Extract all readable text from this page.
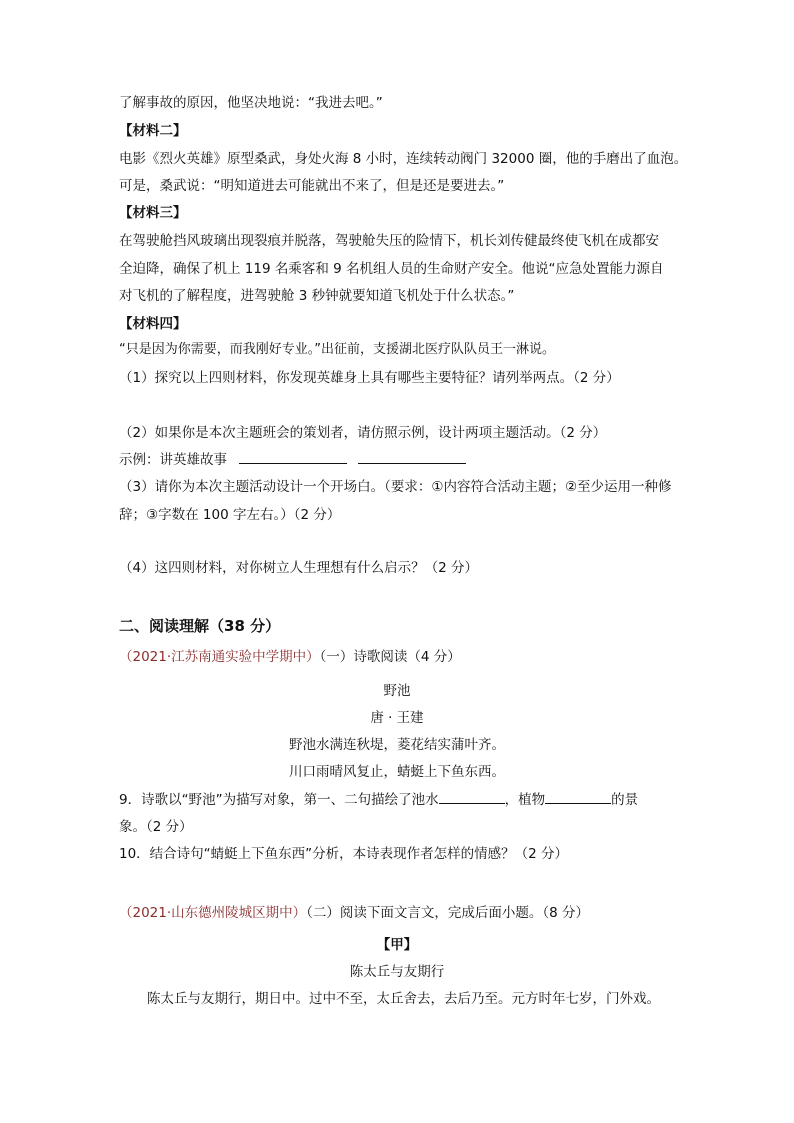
了解事故的原因，他坚决地说：“我进去吧。”
【材料二】
电影《烈火英雄》原型桑武，身处火海 8 小时，连续转动阀门 32000 圈，他的手磨出了血泡。
可是，桑武说：“明知道进去可能就出不来了，但是还是要进去。”
【材料三】
在驾驶舱挡风玻璃出现裂痕并脱落，驾驶舱失压的险情下，机长刘传健最终使飞机在成都安
全迫降，确保了机上 119 名乘客和 9 名机组人员的生命财产安全。他说“应急处置能力源自
对飞机的了解程度，进驾驶舱 3 秒钟就要知道飞机处于什么状态。”
【材料四】
“只是因为你需要，而我刚好专业。”出征前，支援湖北医疗队队员王一淋说。
（1）探究以上四则材料，你发现英雄身上具有哪些主要特征？请列举两点。（2 分）
（2）如果你是本次主题班会的策划者，请仿照示例，设计两项主题活动。（2 分）
示例：讲英雄故事
（3）请你为本次主题活动设计一个开场白。（要求：①内容符合活动主题；②至少运用一种修
辞；③字数在 100 字左右。）（2 分）
（4）这四则材料，对你树立人生理想有什么启示？（2 分）
二、阅读理解（38 分）
（2021·江苏南通实验中学期中）（一）诗歌阅读（4 分）
野池
唐 · 王建
野池水满连秋堤，菱花结实蒲叶齐。
川口雨晴风复止，蜻蜓上下鱼东西。
9．诗歌以“野池”为描写对象，第一、二句描绘了池水	，植物	的景
象。（2 分）
10．结合诗句“蜻蜓上下鱼东西”分析，本诗表现作者怎样的情感？（2 分）
（2021·山东德州陵城区期中）（二）阅读下面文言文，完成后面小题。（8 分）
【甲】
陈太丘与友期行
陈太丘与友期行，期日中。过中不至，太丘舍去，去后乃至。元方时年七岁，门外戏。
